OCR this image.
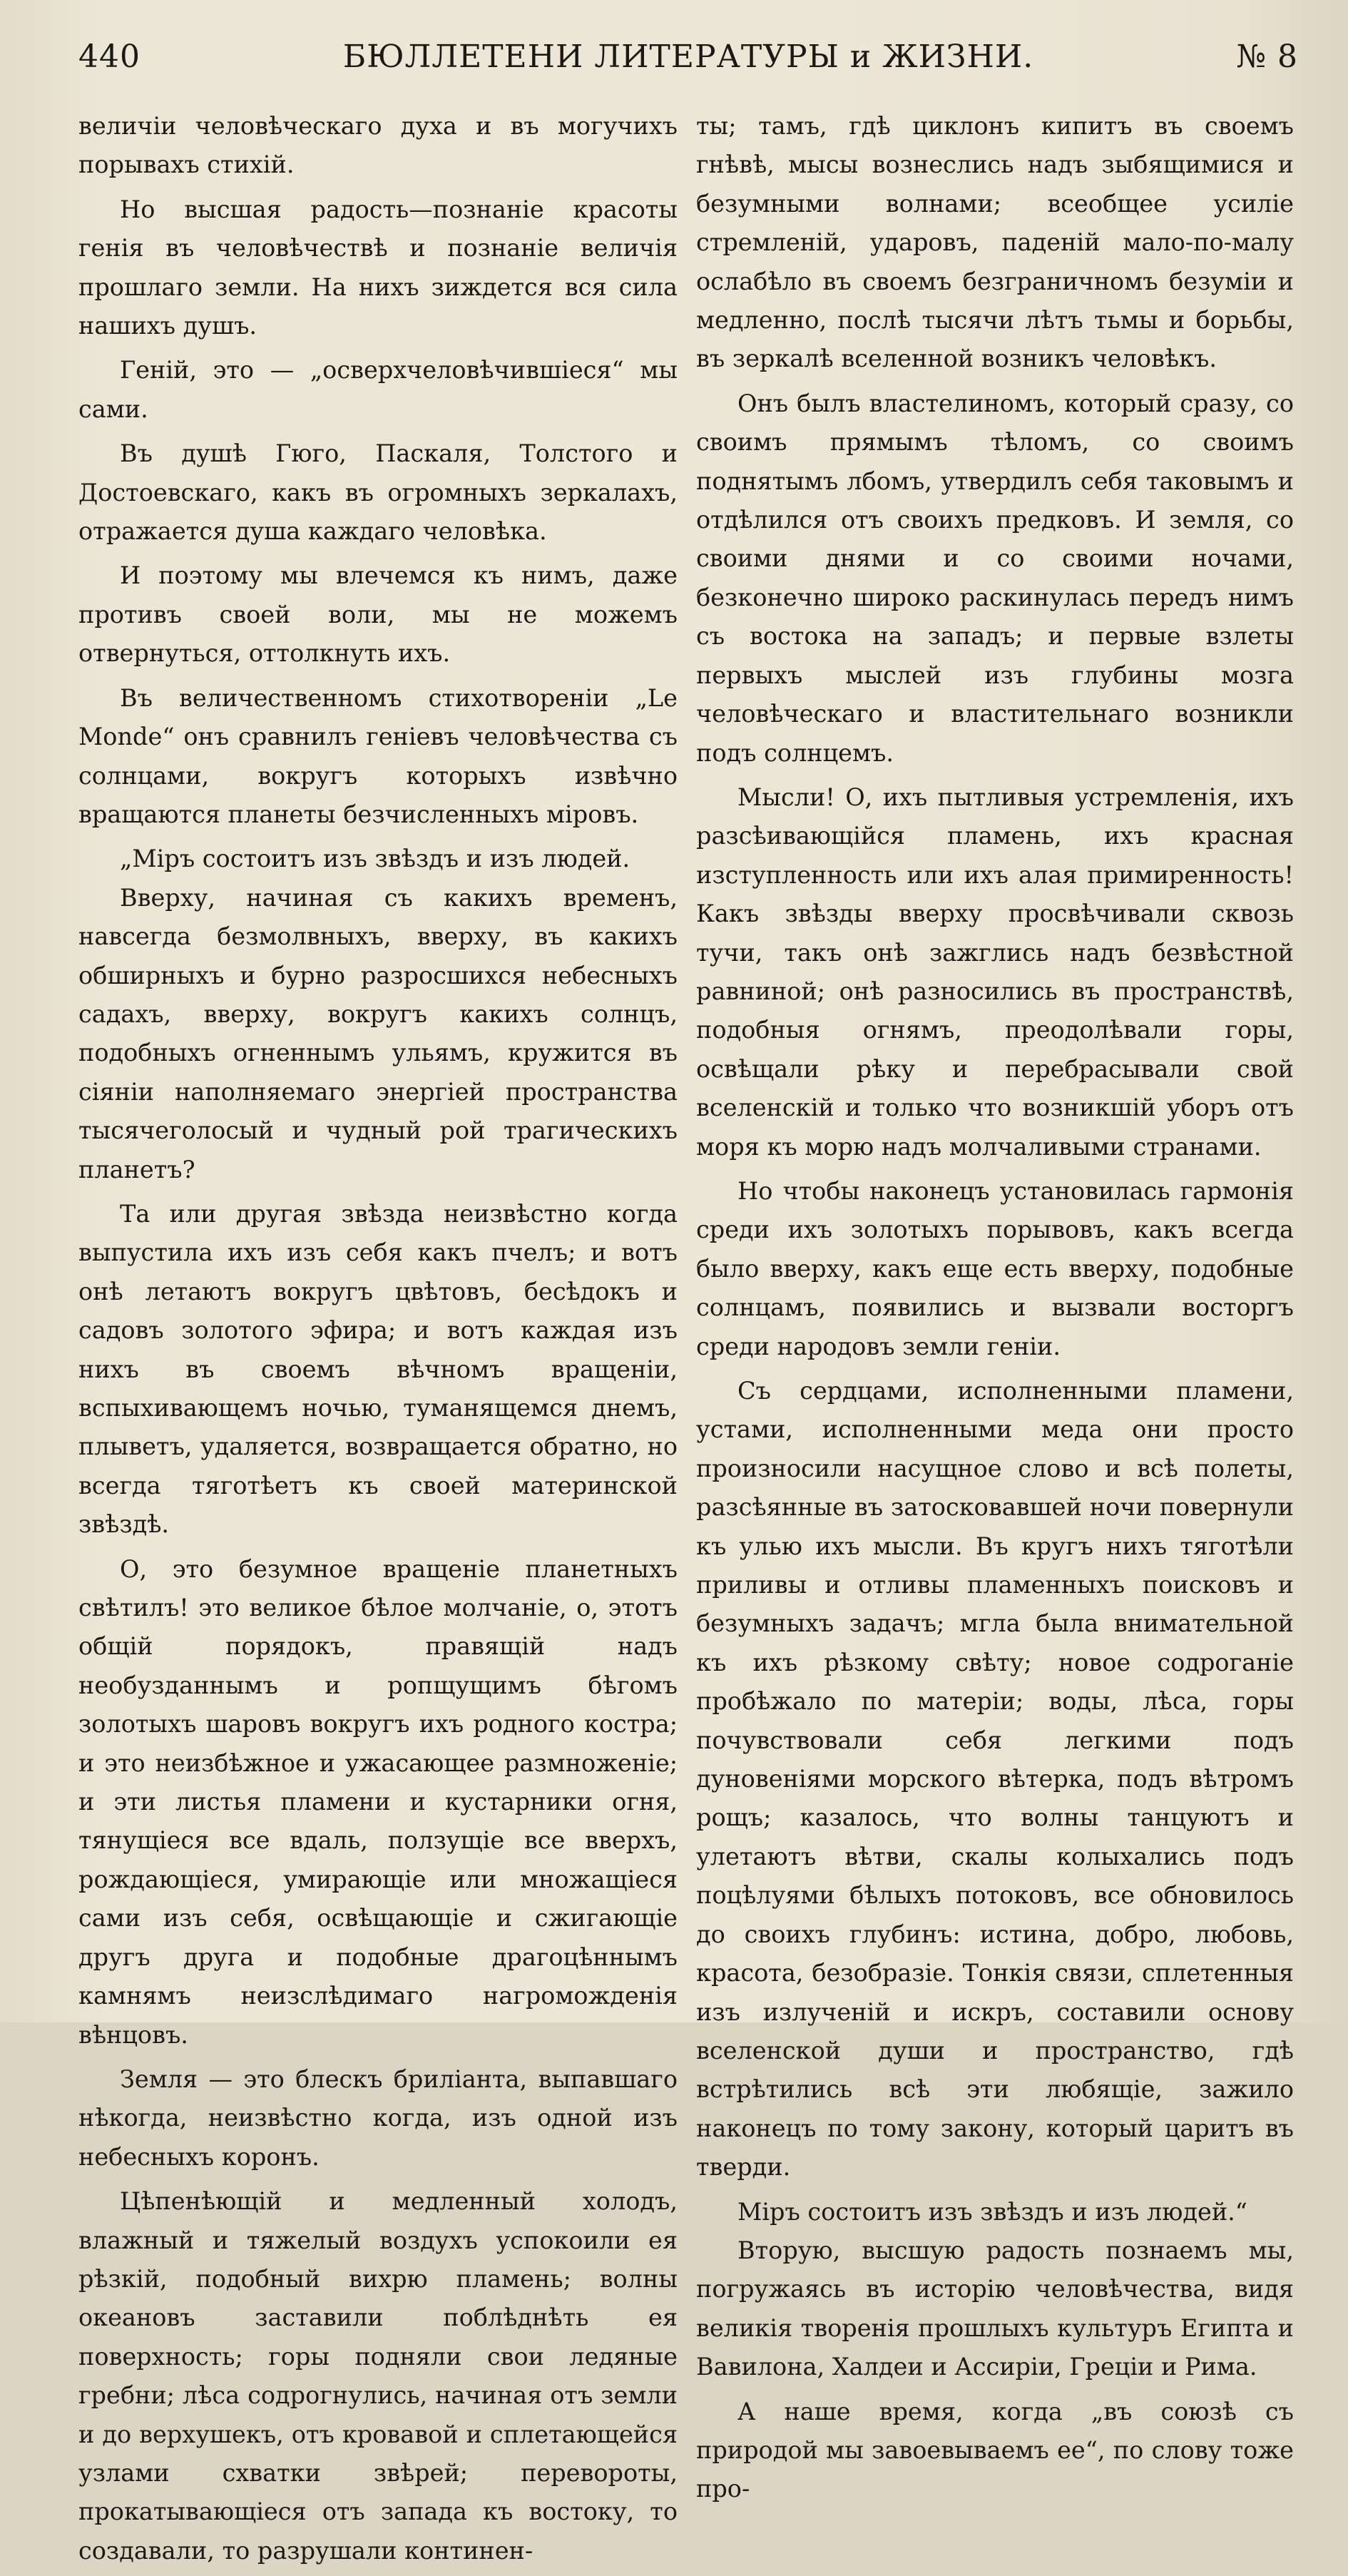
440	БЮЛЛЕТЕНИ ЛИТЕРАТУРЫ и ЖИЗНИ.	№ 8

величіи человѣческаго духа и въ могучихъ порывахъ стихій.

Но высшая радость—познаніе красоты генія въ человѣчествѣ и познаніе величія прошлаго земли. На нихъ зиждется вся сила нашихъ душъ.

Геній, это — „осверхчеловѣчившіеся“ мы сами.

Въ душѣ Гюго, Паскаля, Толстого и Достоевскаго, какъ въ огромныхъ зеркалахъ, отражается душа каждаго человѣка.

И поэтому мы влечемся къ нимъ, даже противъ своей воли, мы не можемъ отвернуться, оттолкнуть ихъ.

Въ величественномъ стихотвореніи „Le Monde“ онъ сравнилъ геніевъ человѣчества съ солнцами, вокругъ которыхъ извѣчно вращаются планеты безчисленныхъ міровъ.

„Міръ состоитъ изъ звѣздъ и изъ людей.

Вверху, начиная съ какихъ временъ, навсегда безмолвныхъ, вверху, въ какихъ обширныхъ и бурно разросшихся небесныхъ садахъ, вверху, вокругъ какихъ солнцъ, подобныхъ огненнымъ ульямъ, кружится въ сіяніи наполняемаго энергіей пространства тысячеголосый и чудный рой трагическихъ планетъ?

Та или другая звѣзда неизвѣстно когда выпустила ихъ изъ себя какъ пчелъ; и вотъ онѣ летаютъ вокругъ цвѣтовъ, бесѣдокъ и садовъ золотого эфира; и вотъ каждая изъ нихъ въ своемъ вѣчномъ вращеніи, вспыхивающемъ ночью, туманящемся днемъ, плыветъ, удаляется, возвращается обратно, но всегда тяготѣетъ къ своей материнской звѣздѣ.

О, это безумное вращеніе планетныхъ свѣтилъ! это великое бѣлое молчаніе, о, этотъ общій порядокъ, правящій надъ необузданнымъ и ропщущимъ бѣгомъ золотыхъ шаровъ вокругъ ихъ родного костра; и это неизбѣжное и ужасающее размноженіе; и эти листья пламени и кустарники огня, тянущіеся все вдаль, ползущіе все вверхъ, рождающіеся, умирающіе или множащіеся сами изъ себя, освѣщающіе и сжигающіе другъ друга и подобные драгоцѣннымъ камнямъ неизслѣдимаго нагроможденія вѣнцовъ.

Земля — это блескъ бриліанта, выпавшаго нѣкогда, неизвѣстно когда, изъ одной изъ небесныхъ коронъ.

Цѣпенѣющій и медленный холодъ, влажный и тяжелый воздухъ успокоили ея рѣзкій, подобный вихрю пламень; волны океановъ заставили поблѣднѣть ея поверхность; горы подняли свои ледяные гребни; лѣса содрогнулись, начиная отъ земли и до верхушекъ, отъ кровавой и сплетающейся узлами схватки звѣрей; перевороты, прокатывающіеся отъ запада къ востоку, то создавали, то разрушали континен-

ты; тамъ, гдѣ циклонъ кипитъ въ своемъ гнѣвѣ, мысы вознеслись надъ зыбящимися и безумными волнами; всеобщее усиліе стремленій, ударовъ, паденій мало-по-малу ослабѣло въ своемъ безграничномъ безуміи и медленно, послѣ тысячи лѣтъ тьмы и борьбы, въ зеркалѣ вселенной возникъ человѣкъ.

Онъ былъ властелиномъ, который сразу, со своимъ прямымъ тѣломъ, со своимъ поднятымъ лбомъ, утвердилъ себя таковымъ и отдѣлился отъ своихъ предковъ. И земля, со своими днями и со своими ночами, безконечно широко раскинулась передъ нимъ съ востока на западъ; и первые взлеты первыхъ мыслей изъ глубины мозга человѣческаго и властительнаго возникли подъ солнцемъ.

Мысли! О, ихъ пытливыя устремленія, ихъ разсѣивающійся пламень, ихъ красная изступленность или ихъ алая примиренность! Какъ звѣзды вверху просвѣчивали сквозь тучи, такъ онѣ зажглись надъ безвѣстной равниной; онѣ разносились въ пространствѣ, подобныя огнямъ, преодолѣвали горы, освѣщали рѣку и перебрасывали свой вселенскій и только что возникшій уборъ отъ моря къ морю надъ молчаливыми странами.

Но чтобы наконецъ установилась гармонія среди ихъ золотыхъ порывовъ, какъ всегда было вверху, какъ еще есть вверху, подобные солнцамъ, появились и вызвали восторгъ среди народовъ земли геніи.

Съ сердцами, исполненными пламени, устами, исполненными меда они просто произносили насущное слово и всѣ полеты, разсѣянные въ затосковавшей ночи повернули къ улью ихъ мысли. Въ кругъ нихъ тяготѣли приливы и отливы пламенныхъ поисковъ и безумныхъ задачъ; мгла была внимательной къ ихъ рѣзкому свѣту; новое содроганіе пробѣжало по матеріи; воды, лѣса, горы почувствовали себя легкими подъ дуновеніями морского вѣтерка, подъ вѣтромъ рощъ; казалось, что волны танцуютъ и улетаютъ вѣтви, скалы колыхались подъ поцѣлуями бѣлыхъ потоковъ, все обновилось до своихъ глубинъ: истина, добро, любовь, красота, безобразіе. Тонкія связи, сплетенныя изъ излученій и искръ, составили основу вселенской души и пространство, гдѣ встрѣтились всѣ эти любящіе, зажило наконецъ по тому закону, который царитъ въ тверди.

Міръ состоитъ изъ звѣздъ и изъ людей.“

Вторую, высшую радость познаемъ мы, погружаясь въ исторію человѣчества, видя великія творенія прошлыхъ культуръ Египта и Вавилона, Халдеи и Ассиріи, Греціи и Рима.

А наше время, когда „въ союзѣ съ природой мы завоевываемъ ее“, по слову тоже про-
